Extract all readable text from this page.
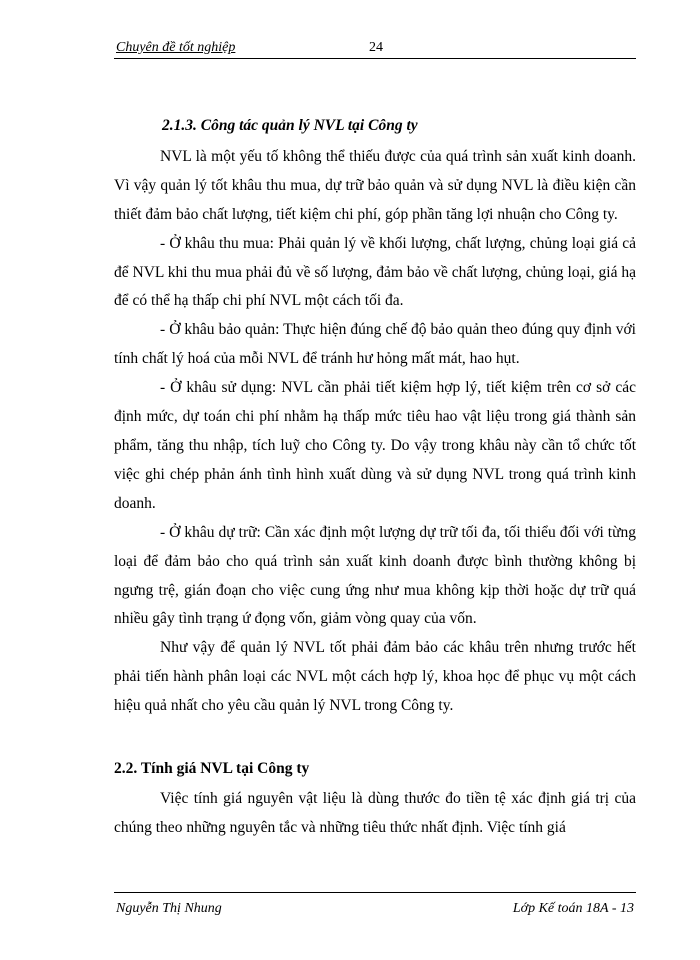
Chuyên đề tốt nghiệp	24

2.1.3. Công tác quản lý NVL tại Công ty

NVL là một yếu tố không thể thiếu được của quá trình sản xuất kinh doanh. Vì vậy quản lý tốt khâu thu mua, dự trữ bảo quản và sử dụng NVL là điều kiện cần thiết đảm bảo chất lượng, tiết kiệm chi phí, góp phần tăng lợi nhuận cho Công ty.

- Ở khâu thu mua: Phải quản lý về khối lượng, chất lượng, chủng loại giá cả để NVL khi thu mua phải đủ về số lượng, đảm bảo về chất lượng, chủng loại, giá hạ để có thể hạ thấp chi phí NVL một cách tối đa.

- Ở khâu bảo quản: Thực hiện đúng chế độ bảo quản theo đúng quy định với tính chất lý hoá của mỗi NVL để tránh hư hỏng mất mát, hao hụt.

- Ở khâu sử dụng: NVL cần phải tiết kiệm hợp lý, tiết kiệm trên cơ sở các định mức, dự toán chi phí nhằm hạ thấp mức tiêu hao vật liệu trong giá thành sản phẩm, tăng thu nhập, tích luỹ cho Công ty. Do vậy trong khâu này cần tổ chức tốt việc ghi chép phản ánh tình hình xuất dùng và sử dụng NVL trong quá trình kinh doanh.

- Ở khâu dự trữ: Cần xác định một lượng dự trữ tối đa, tối thiểu đối với từng loại để đảm bảo cho quá trình sản xuất kinh doanh được bình thường không bị ngưng trệ, gián đoạn cho việc cung ứng như mua không kịp thời hoặc dự trữ quá nhiều gây tình trạng ứ đọng vốn, giảm vòng quay của vốn.

Như vậy để quản lý NVL tốt phải đảm bảo các khâu trên nhưng trước hết phải tiến hành phân loại các NVL một cách hợp lý, khoa học để phục vụ một cách hiệu quả nhất cho yêu cầu quản lý NVL trong Công ty.

2.2. Tính giá NVL tại Công ty

Việc tính giá nguyên vật liệu là dùng thước đo tiền tệ xác định giá trị của chúng theo những nguyên tắc và những tiêu thức nhất định. Việc tính giá

Nguyễn Thị Nhung	Lớp Kế toán 18A - 13
